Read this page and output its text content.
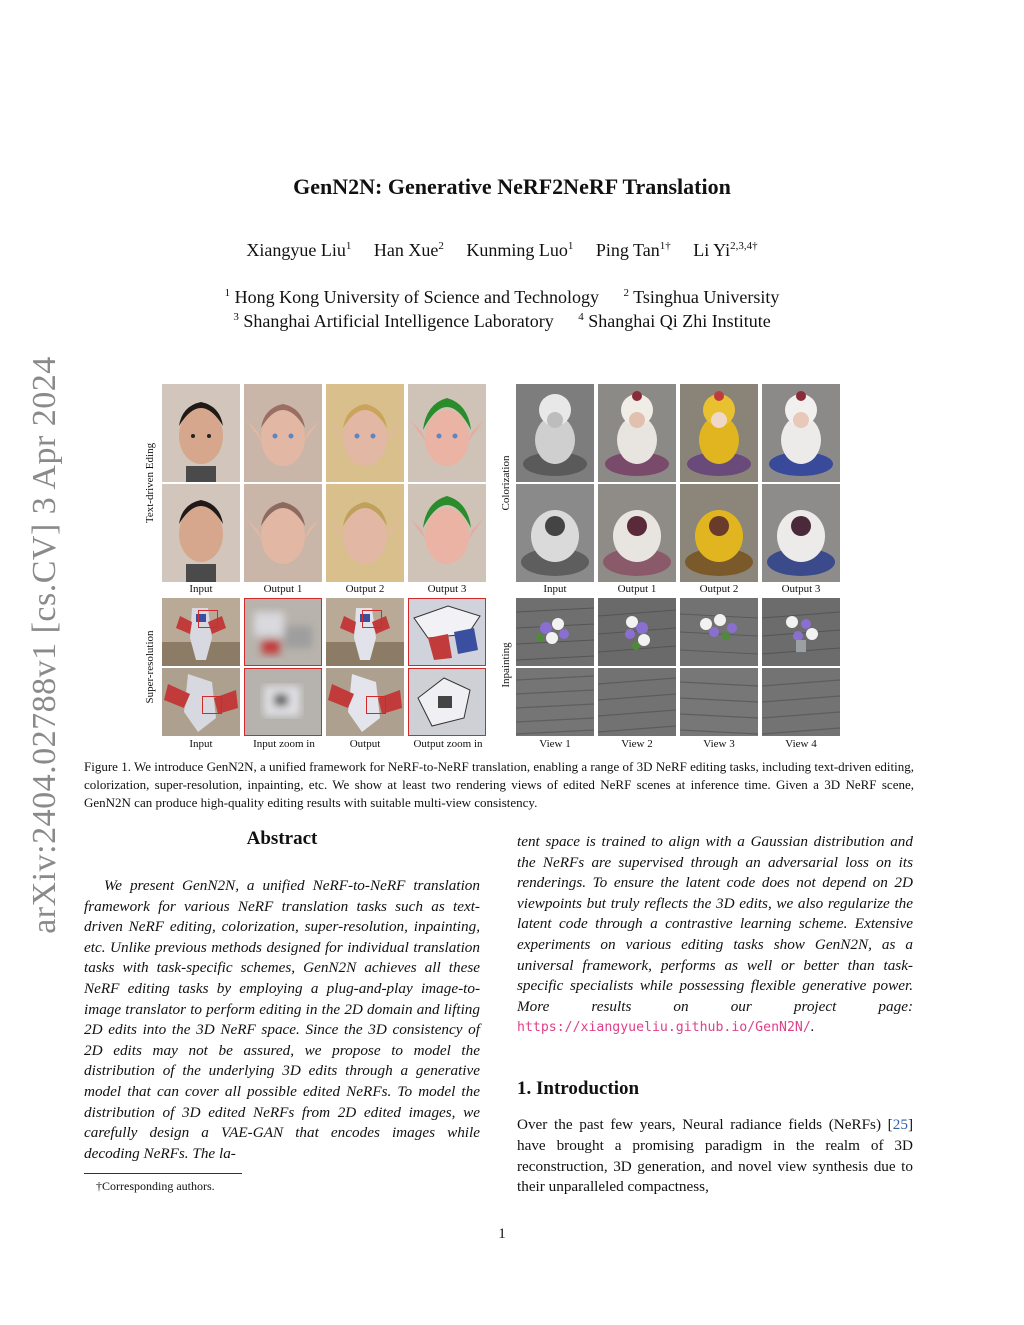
arXiv:2404.02788v1 [cs.CV] 3 Apr 2024
GenN2N: Generative NeRF2NeRF Translation
Xiangyue Liu$^1$ Han Xue$^2$ Kunming Luo$^1$ Ping Tan$^{1\dagger}$ Li $Yi^{2,3,4\dagger}$
$^1$ Hong Kong University of Science and Technology $^2$ Tsinghua University
$^3$ Shanghai Artificial Intelligence Laboratory $^4$ Shanghai Qi Zhi Institute
Text-driven Eding
Input	Output 1	Output 2	Output 3
Super-resolution
Input	Input zoom in	Output	Output zoom in
Colorization
Input	Output 1	Output 2	Output 3
Inpainting
View 1	View 2	View 3	View 4
Figure 1. We introduce GenN2N, a unified framework for NeRF-to-NeRF translation, enabling a range of 3D NeRF editing tasks, including text-driven editing, colorization, super-resolution, inpainting, etc. We show at least two rendering views of edited NeRF scenes at inference time. Given a 3D NeRF scene, GenN2N can produce high-quality editing results with suitable multi-view consistency.
Abstract
We present GenN2N, a unified NeRF-to-NeRF translation framework for various NeRF translation tasks such as text-driven NeRF editing, colorization, super-resolution, inpainting, etc. Unlike previous methods designed for individual translation tasks with task-specific schemes, GenN2N achieves all these NeRF editing tasks by employing a plug-and-play image-to-image translator to perform editing in the 2D domain and lifting 2D edits into the 3D NeRF space. Since the 3D consistency of 2D edits may not be assured, we propose to model the distribution of the underlying 3D edits through a generative model that can cover all possible edited NeRFs. To model the distribution of 3D edited NeRFs from 2D edited images, we carefully design a VAE-GAN that encodes images while decoding NeRFs. The la-
tent space is trained to align with a Gaussian distribution and the NeRFs are supervised through an adversarial loss on its renderings. To ensure the latent code does not depend on 2D viewpoints but truly reflects the 3D edits, we also regularize the latent code through a contrastive learning scheme. Extensive experiments on various editing tasks show GenN2N, as a universal framework, performs as well or better than task-specific specialists while possessing flexible generative power. More results on our project page: https://xiangyueliu.github.io/GenN2N/.
1. Introduction
Over the past few years, Neural radiance fields (NeRFs) [25] have brought a promising paradigm in the realm of 3D reconstruction, 3D generation, and novel view synthesis due to their unparalleled compactness,
†Corresponding authors.
1
